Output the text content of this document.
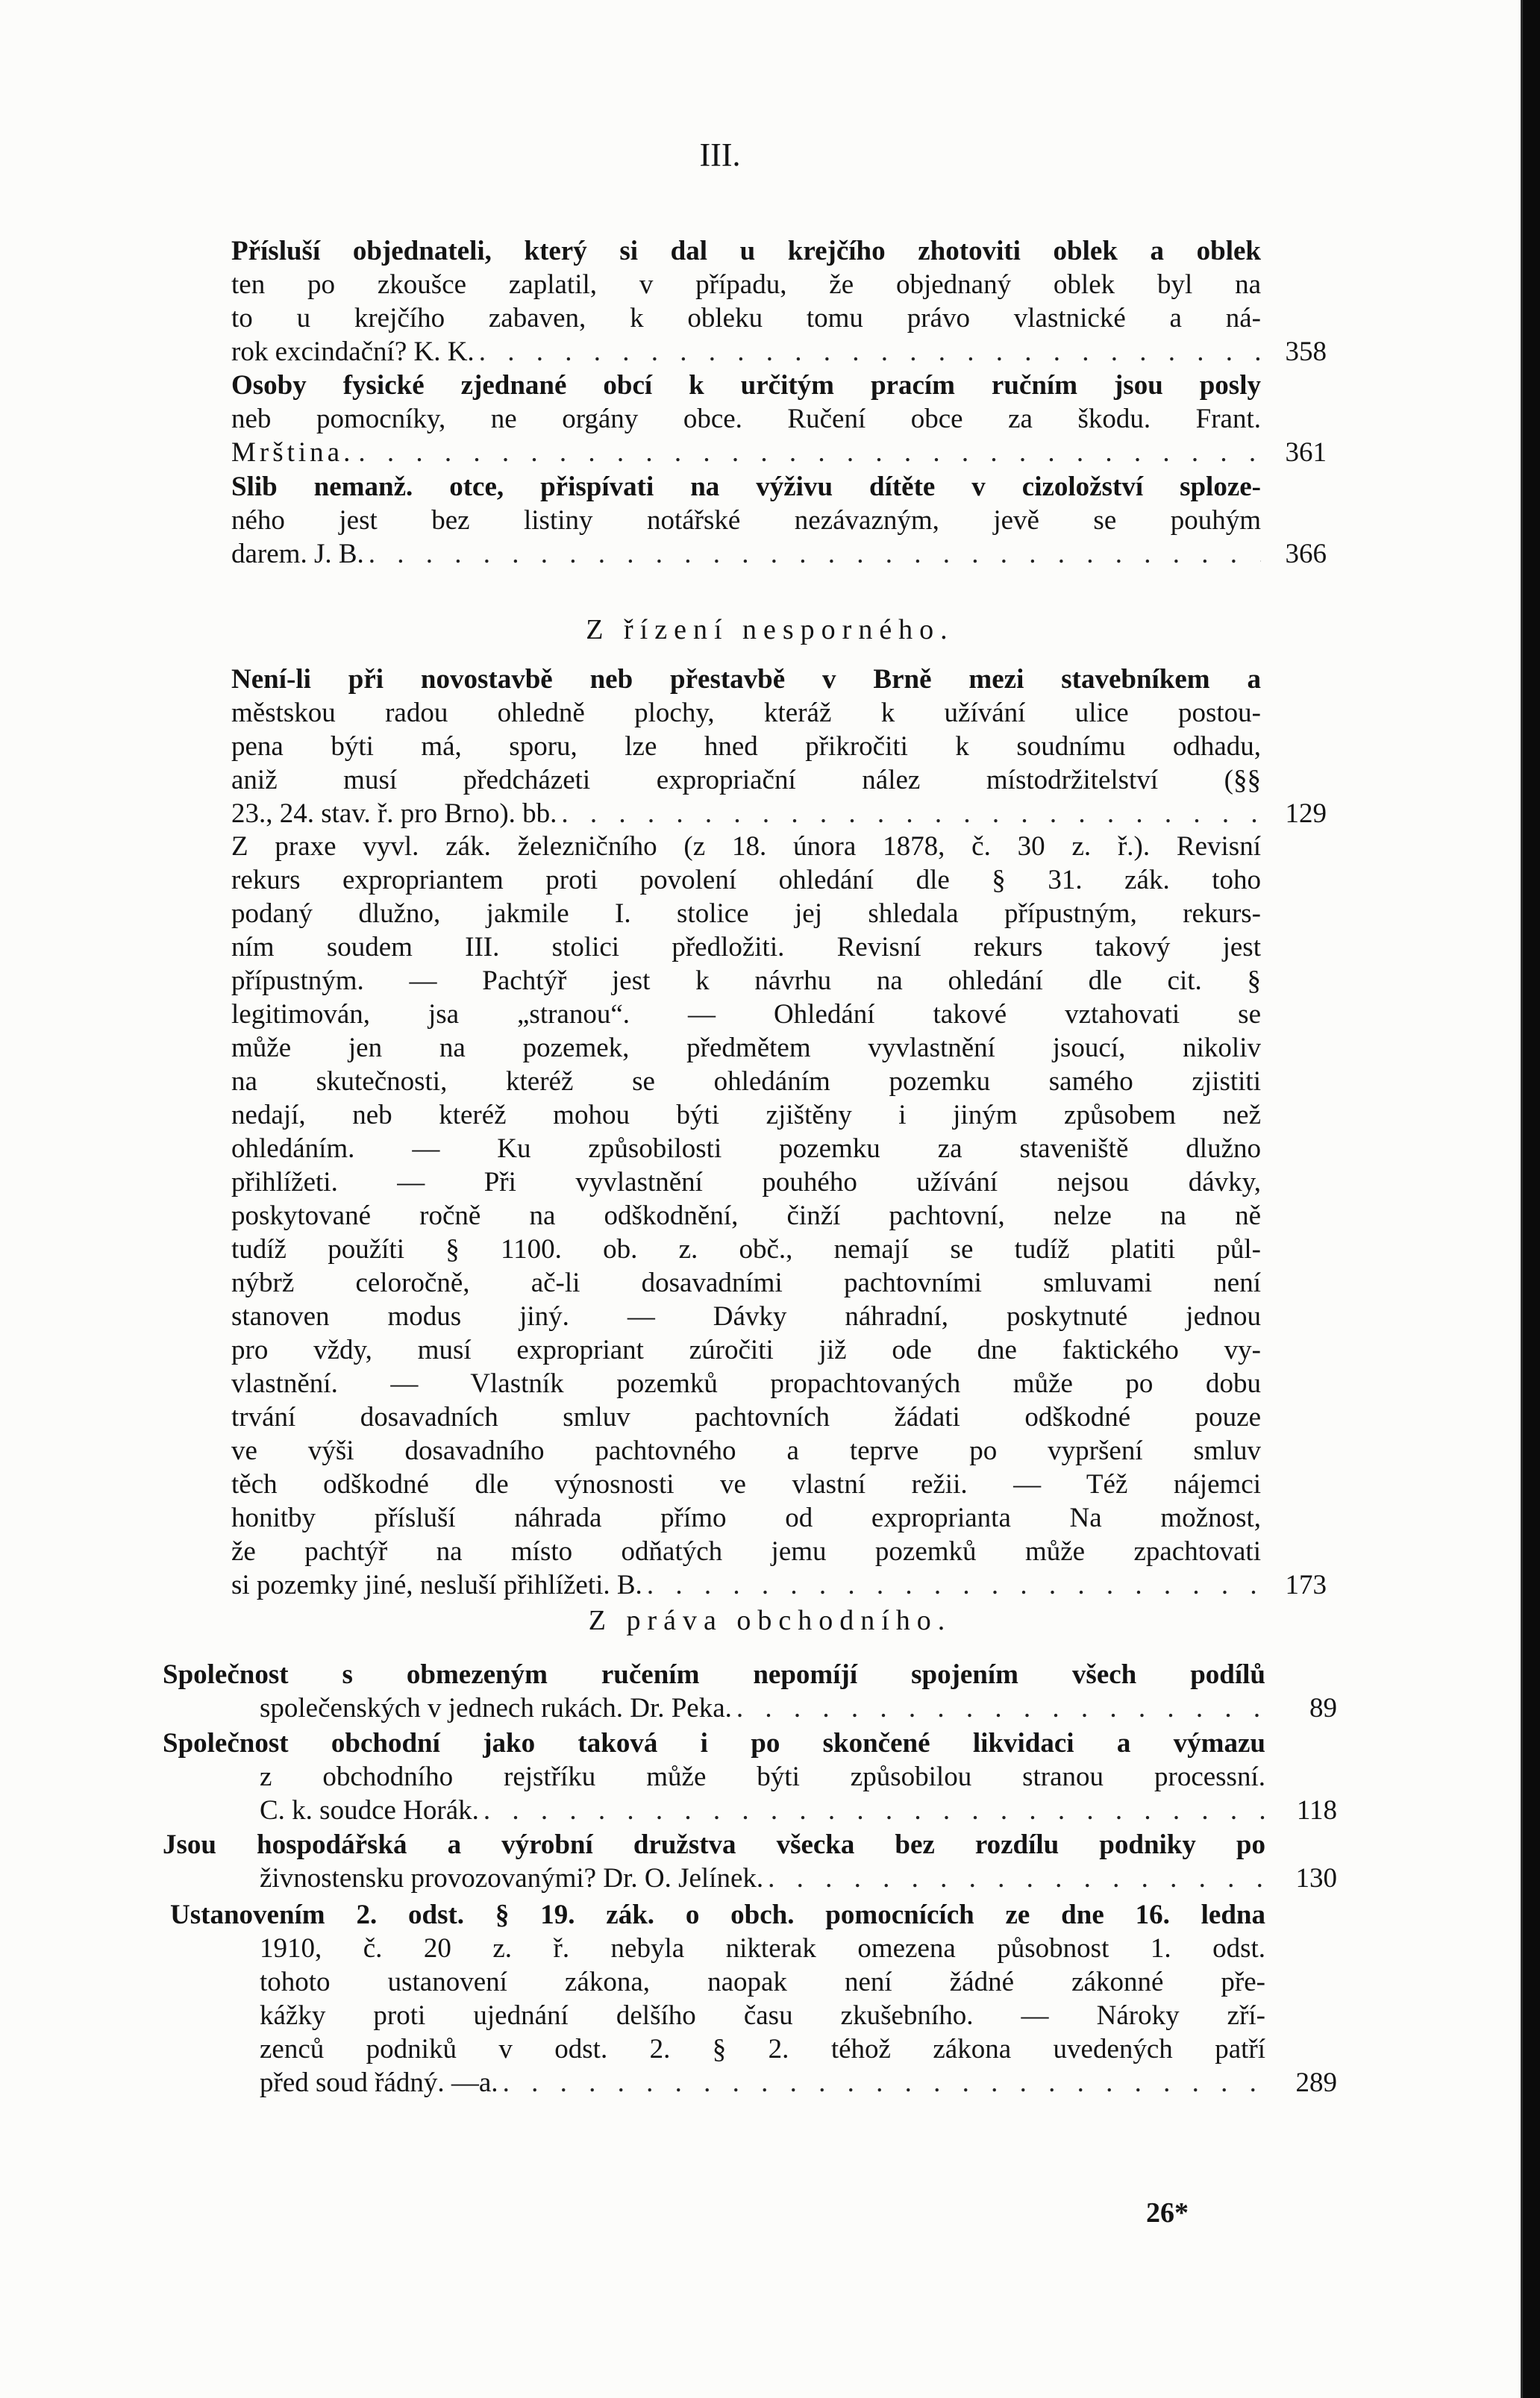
III.
Přísluší objednateli, který si dal u krejčího zhotoviti oblek a oblek
ten po zkoušce zaplatil, v případu, že objednaný oblek byl na
to u krejčího zabaven, k obleku tomu právo vlastnické a ná-
rok excindační? K. K. . . .	358
Osoby fysické zjednané obcí k určitým pracím ručním jsou posly
neb pomocníky, ne orgány obce. Ručení obce za škodu. Frant.
Mrština. . . .	361
Slib nemanž. otce, přispívati na výživu dítěte v cizoložství sploze-
ného jest bez listiny notářské nezávazným, jevě se pouhým
darem. J. B. . . .	366
Z řízení nesporného.
Není-li při novostavbě neb přestavbě v Brně mezi stavebníkem a
městskou radou ohledně plochy, kteráž k užívání ulice postou-
pena býti má, sporu, lze hned přikročiti k soudnímu odhadu,
aniž musí předcházeti expropriační nález místodržitelství (§§
23., 24. stav. ř. pro Brno). bb. . . .	129
Z praxe vyvl. zák. železničního (z 18. února 1878, č. 30 z. ř.). Revisní
rekurs expropriantem proti povolení ohledání dle § 31. zák. toho
podaný dlužno, jakmile I. stolice jej shledala přípustným, rekurs-
ním soudem III. stolici předložiti. Revisní rekurs takový jest
přípustným. — Pachtýř jest k návrhu na ohledání dle cit. §
legitimován, jsa „stranou“. — Ohledání takové vztahovati se
může jen na pozemek, předmětem vyvlastnění jsoucí, nikoliv
na skutečnosti, kteréž se ohledáním pozemku samého zjistiti
nedají, neb kteréž mohou býti zjištěny i jiným způsobem než
ohledáním. — Ku způsobilosti pozemku za staveniště dlužno
přihlížeti. — Při vyvlastnění pouhého užívání nejsou dávky,
poskytované ročně na odškodnění, činží pachtovní, nelze na ně
tudíž použíti § 1100. ob. z. obč., nemají se tudíž platiti půl-
nýbrž celoročně, ač-li dosavadními pachtovními smluvami není
stanoven modus jiný. — Dávky náhradní, poskytnuté jednou
pro vždy, musí expropriant zúročiti již ode dne faktického vy-
vlastnění. — Vlastník pozemků propachtovaných může po dobu
trvání dosavadních smluv pachtovních žádati odškodné pouze
ve výši dosavadního pachtovného a teprve po vypršení smluv
těch odškodné dle výnosnosti ve vlastní režii. — Též nájemci
honitby přísluší náhrada přímo od exproprianta Na možnost,
že pachtýř na místo odňatých jemu pozemků může zpachtovati
si pozemky jiné, nesluší přihlížeti. B. . . .	173
Z práva obchodního.
Společnost s obmezeným ručením nepomíjí spojením všech podílů
společenských v jednech rukách. Dr. Peka. . . .	89
Společnost obchodní jako taková i po skončené likvidaci a výmazu
z obchodního rejstříku může býti způsobilou stranou processní.
C. k. soudce Horák. . . .	118
Jsou hospodářská a výrobní družstva všecka bez rozdílu podniky po
živnostensku provozovanými? Dr. O. Jelínek. . . .	130
Ustanovením 2. odst. § 19. zák. o obch. pomocnících ze dne 16. ledna
1910, č. 20 z. ř. nebyla nikterak omezena působnost 1. odst.
tohoto ustanovení zákona, naopak není žádné zákonné pře-
kážky proti ujednání delšího času zkušebního. — Nároky zří-
zenců podniků v odst. 2. § 2. téhož zákona uvedených patří
před soud řádný. —a. . . .	289
26*
